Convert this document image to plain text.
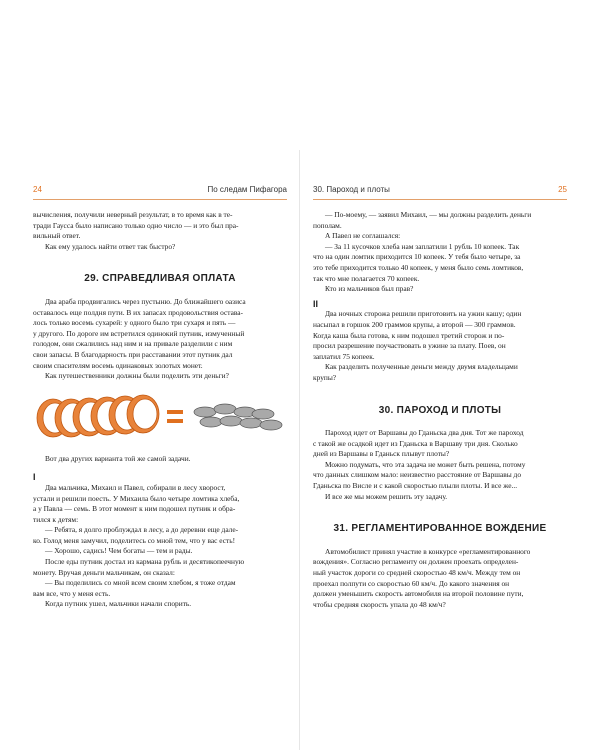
24	По следам Пифагора	30. Пароход и плоты	25

вычисления, получили неверный результат, в то время как в те-

тради Гаусса было написано только одно число — и это был пра-

вильный ответ.

Как ему удалось найти ответ так быстро?

29. СПРАВЕДЛИВАЯ ОПЛАТА

Два араба продвигались через пустыню. До ближайшего оазиса

оставалось еще полдня пути. В их запасах продовольствия остава-

лось только восемь сухарей: у одного было три сухаря и пять —

у другого. По дороге им встретился одинокий путник, измученный

голодом, они сжалились над ним и на привале разделили с ним

свои запасы. В благодарность при расставании этот путник дал

своим спасителям восемь одинаковых золотых монет.

Как путешественники должны были поделить эти деньги?

Вот два других варианта той же самой задачи.

I

Два мальчика, Михаил и Павел, собирали в лесу хворост,

устали и решили поесть. У Михаила было четыре ломтика хлеба,

а у Павла — семь. В этот момент к ним подошел путник и обра-

тился к детям:

— Ребята, я долго проблуждал в лесу, а до деревни еще дале-

ко. Голод меня замучил, поделитесь со мной тем, что у вас есть!

— Хорошо, садись! Чем богаты — тем и рады.

После еды путник достал из кармана рубль и десятикопеечную

монету. Вручая деньги мальчикам, он сказал:

— Вы поделились со мной всем своим хлебом, я тоже отдам

вам все, что у меня есть.

Когда путник ушел, мальчики начали спорить.

— По-моему, — заявил Михаил, — мы должны разделить деньги

пополам.

А Павел не соглашался:

— За 11 кусочков хлеба нам заплатили 1 рубль 10 копеек. Так

что на один ломтик приходится 10 копеек. У тебя было четыре, за

это тебе приходится только 40 копеек, у меня было семь ломтиков,

так что мне полагается 70 копеек.

Кто из мальчиков был прав?

II

Два ночных сторожа решили приготовить на ужин кашу; один

насыпал в горшок 200 граммов крупы, а второй — 300 граммов.

Когда каша была готова, к ним подошел третий сторож и по-

просил разрешение поучаствовать в ужине за плату. Поев, он

заплатил 75 копеек.

Как разделить полученные деньги между двумя владельцами

крупы?

30. ПАРОХОД И ПЛОТЫ

Пароход идет от Варшавы до Гданьска два дня. Тот же пароход

с такой же осадкой идет из Гданьска в Варшаву три дня. Сколько

дней из Варшавы в Гданьск плывут плоты?

Можно подумать, что эта задача не может быть решена, потому

что данных слишком мало: неизвестно расстояние от Варшавы до

Гданьска по Висле и с какой скоростью плыли плоты. И все же...

И все же мы можем решить эту задачу.

31. РЕГЛАМЕНТИРОВАННОЕ ВОЖДЕНИЕ

Автомобилист принял участие в конкурсе «регламентированного

вождения». Согласно регламенту он должен проехать определен-

ный участок дороги со средней скоростью 48 км/ч. Между тем он

проехал полпути со скоростью 60 км/ч. До какого значения он

должен уменьшить скорость автомобиля на второй половине пути,

чтобы средняя скорость упала до 48 км/ч?
